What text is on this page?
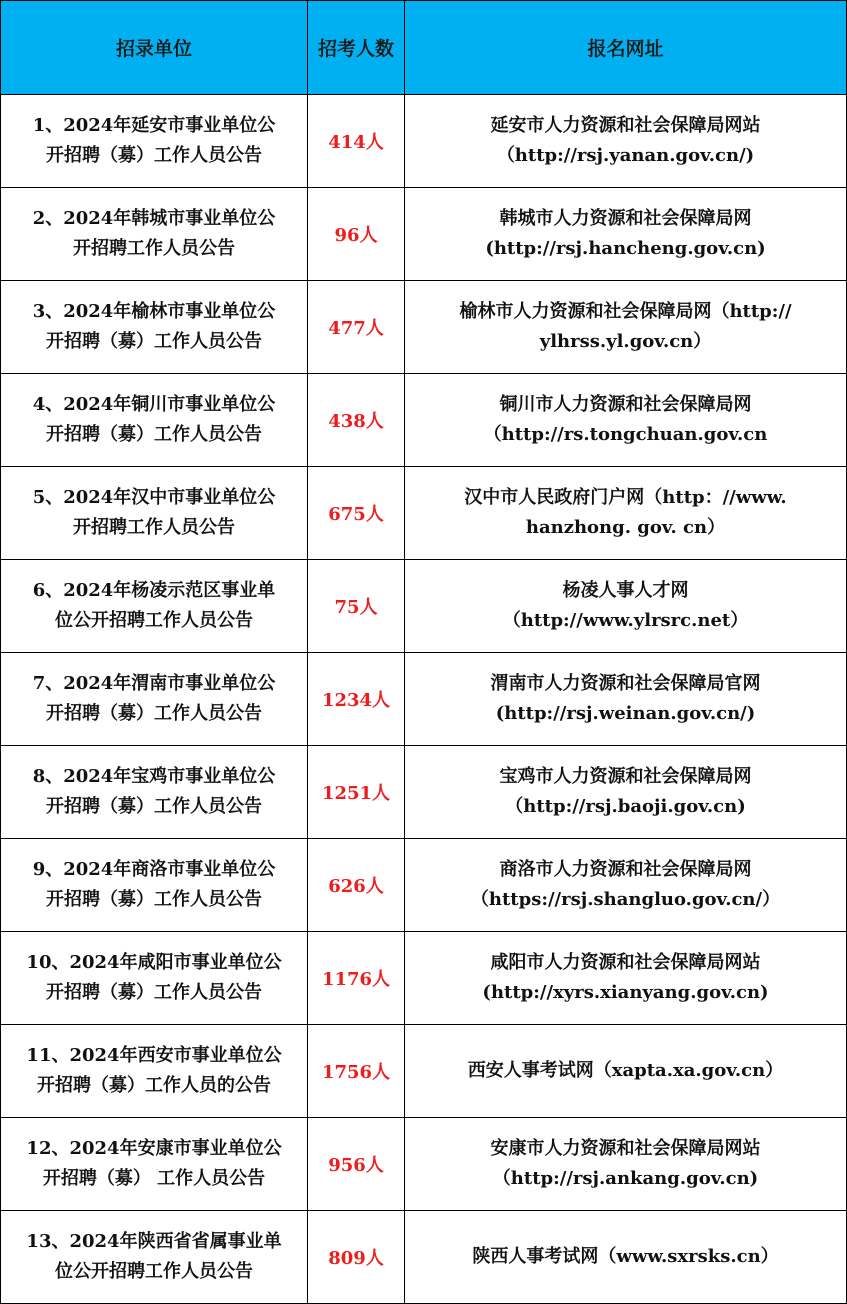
招录单位	招考人数	报名网址

1、2024年延安市事业单位公
开招聘（募）工作人员公告	414人	延安市人力资源和社会保障局网站
（http://rsj.yanan.gov.cn/)

2、2024年韩城市事业单位公
开招聘工作人员公告	96人	韩城市人力资源和社会保障局网
(http://rsj.hancheng.gov.cn)

3、2024年榆林市事业单位公
开招聘（募）工作人员公告	477人	榆林市人力资源和社会保障局网（http://
ylhrss.yl.gov.cn）

4、2024年铜川市事业单位公
开招聘（募）工作人员公告	438人	铜川市人力资源和社会保障局网
（http://rs.tongchuan.gov.cn

5、2024年汉中市事业单位公
开招聘工作人员公告	675人	汉中市人民政府门户网（http：//www.
hanzhong. gov. cn）

6、2024年杨凌示范区事业单
位公开招聘工作人员公告	75人	杨凌人事人才网
（http://www.ylrsrc.net）

7、2024年渭南市事业单位公
开招聘（募）工作人员公告	1234人	渭南市人力资源和社会保障局官网
(http://rsj.weinan.gov.cn/)

8、2024年宝鸡市事业单位公
开招聘（募）工作人员公告	1251人	宝鸡市人力资源和社会保障局网
（http://rsj.baoji.gov.cn)

9、2024年商洛市事业单位公
开招聘（募）工作人员公告	626人	商洛市人力资源和社会保障局网
（https://rsj.shangluo.gov.cn/）

10、2024年咸阳市事业单位公
开招聘（募）工作人员公告	1176人	咸阳市人力资源和社会保障局网站
(http://xyrs.xianyang.gov.cn)

11、2024年西安市事业单位公
开招聘（募）工作人员的公告	1756人	西安人事考试网（xapta.xa.gov.cn）

12、2024年安康市事业单位公
开招聘（募） 工作人员公告	956人	安康市人力资源和社会保障局网站
（http://rsj.ankang.gov.cn)

13、2024年陕西省省属事业单
位公开招聘工作人员公告	809人	陕西人事考试网（www.sxrsks.cn）
